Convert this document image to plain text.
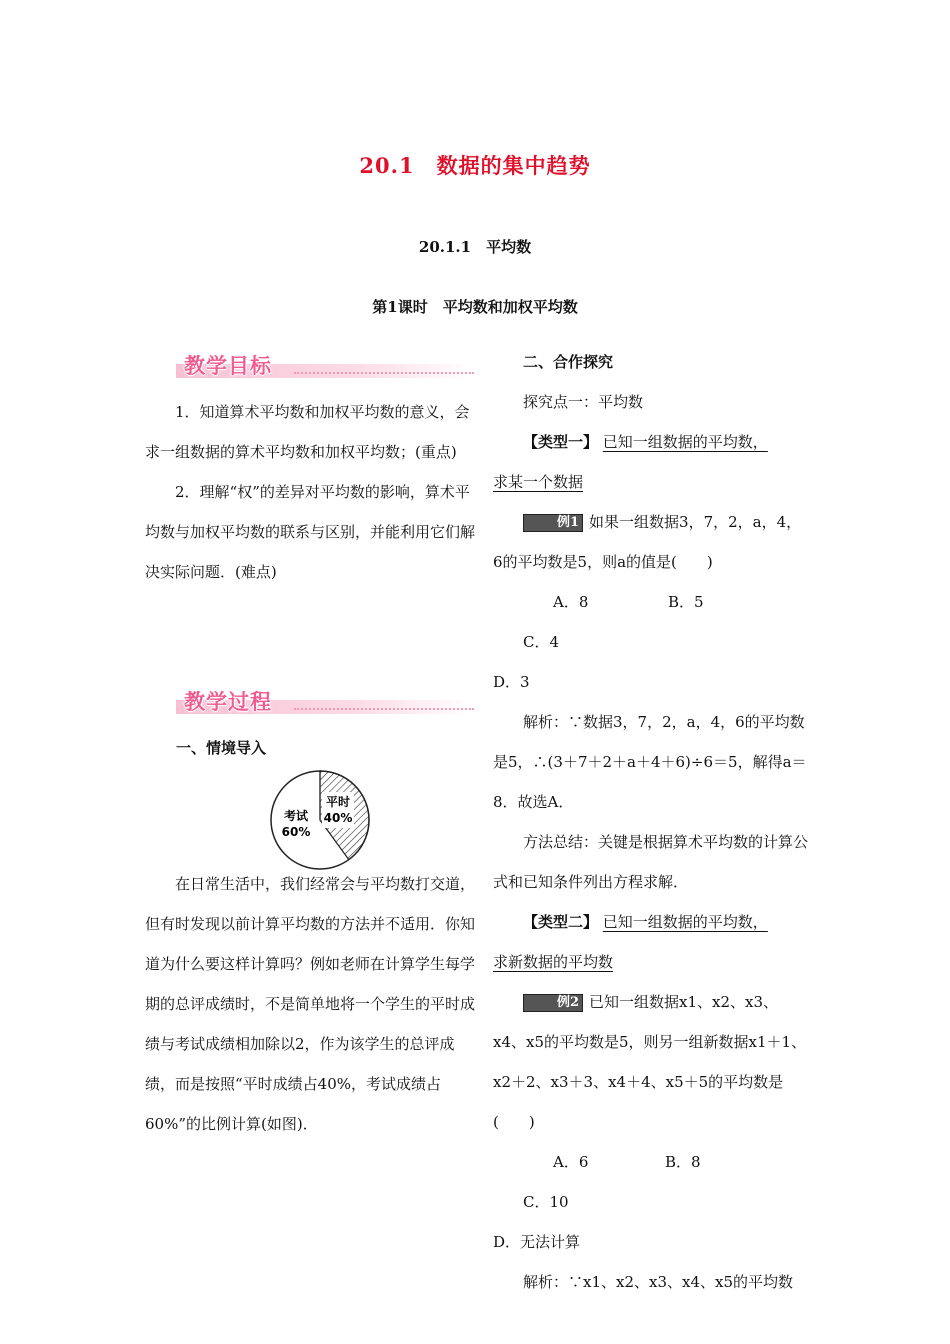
20.1　数据的集中趋势
20.1.1　平均数
第1课时　平均数和加权平均数
教学目标

1．知道算术平均数和加权平均数的意义，会求一组数据的算术平均数和加权平均数；(重点)

2．理解“权”的差异对平均数的影响，算术平均数与加权平均数的联系与区别，并能利用它们解决实际问题．(难点)

教学过程
一、情境导入
平时
40%
考试
60%

在日常生活中，我们经常会与平均数打交道，但有时发现以前计算平均数的方法并不适用．你知道为什么要这样计算吗？例如老师在计算学生每学期的总评成绩时，不是简单地将一个学生的平时成绩与考试成绩相加除以2，作为该学生的总评成绩，而是按照“平时成绩占40%，考试成绩占60%”的比例计算(如图)．

二、合作探究

探究点一：平均数

【类型一】 已知一组数据的平均数，

求某一个数据

例1 如果一组数据3，7，2，a，4，6的平均数是5，则a的值是(　　)

A．8	B．5C．4

D．3

解析：∵数据3，7，2，a，4，6的平均数是5，∴(3＋7＋2＋a＋4＋6)÷6＝5，解得a＝8．故选A．

方法总结：关键是根据算术平均数的计算公式和已知条件列出方程求解．

【类型二】 已知一组数据的平均数，

求新数据的平均数

例2 已知一组数据x1、x2、x3、x4、x5的平均数是5，则另一组新数据x1＋1、x2＋2、x3＋3、x4＋4、x5＋5的平均数是(　　)

A．6	B．8C．10

D．无法计算

解析：∵x1、x2、x3、x4、x5的平均数
